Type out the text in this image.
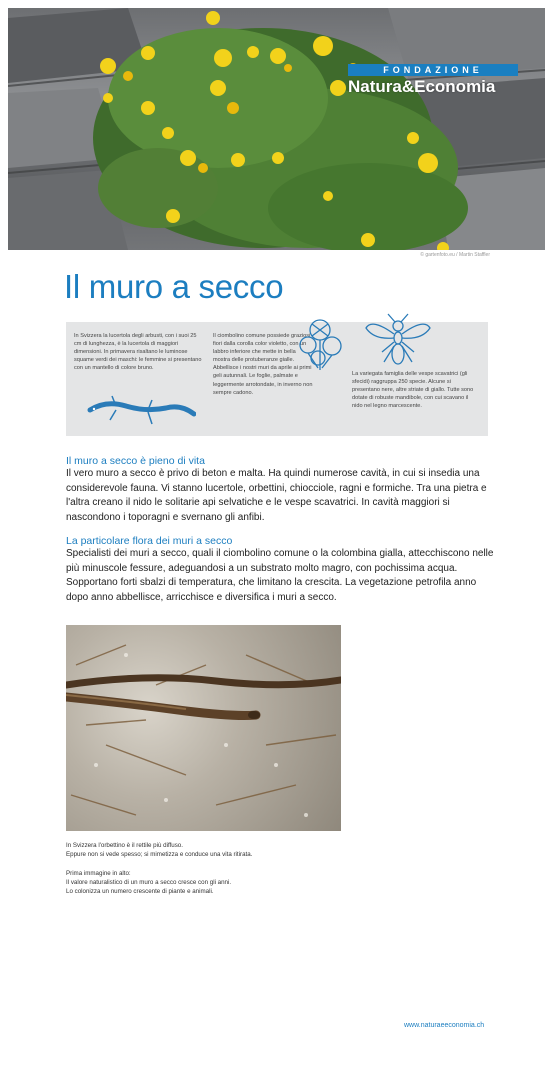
FONDAZIONE
Natura&Economia
© gartenfoto.eu / Martin Staffler
Il muro a secco
In Svizzera la lucertola degli arbusti, con i suoi 25 cm di lunghezza, è la lucertola di maggiori dimensioni. In primavera risaltano le luminose squame verdi dei maschi: le femmine si presentano con un mantello di colore bruno.
Il ciombolino comune possiede graziosi fiori dalla corolla color violetto, con un labbro inferiore che mette in bella mostra delle protuberanze gialle. Abbellisce i nostri muri da aprile ai primi geli autunnali. Le foglie, palmate e leggermente arrotondate, in inverno non sempre cadono.
La variegata famiglia delle vespe scavatrici (gli sfecidi) raggruppa 250 specie. Alcune si presentano nere, altre striate di giallo. Tutte sono dotate di robuste mandibole, con cui scavano il nido nel legno marcescente.
Il muro a secco è pieno di vita
Il vero muro a secco è privo di beton e malta. Ha quindi numerose cavità, in cui si insedia una considerevole fauna. Vi stanno lucertole, orbettini, chiocciole, ragni e formiche. Tra una pietra e l'altra creano il nido le solitarie api selvatiche e le vespe scavatrici. In cavità maggiori si nascondono i toporagni e svernano gli anfibi.
La particolare flora dei muri a secco
Specialisti dei muri a secco, quali il ciombolino comune o la colombina gialla, attecchiscono nelle più minuscole fessure, adeguandosi a un substrato molto magro, con pochissima acqua. Sopportano forti sbalzi di temperatura, che limitano la crescita. La vegetazione petrofila anno dopo anno abbellisce, arricchisce e diversifica i muri a secco.
In Svizzera l'orbettino è il rettile più diffuso.
Eppure non si vede spesso; si mimetizza e conduce una vita ritirata.
Prima immagine in alto:
Il valore naturalistico di un muro a secco cresce con gli anni.
Lo colonizza un numero crescente di piante e animali.
www.naturaeeconomia.ch
